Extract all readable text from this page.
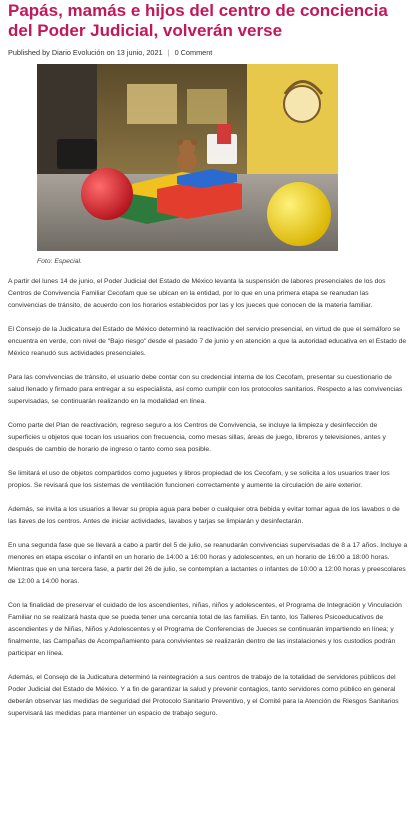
Papás, mamás e hijos del centro de conciencia del Poder Judicial, volverán verse
Published by Diario Evolución on 13 junio, 2021 | 0 Comment
Foto: Especial.

A partir del lunes 14 de junio, el Poder Judicial del Estado de México levanta la suspensión de labores presenciales de los dos Centros de Convivencia Familiar Cecofam que se ubican en la entidad, por lo que en una primera etapa se reanudan las convivencias de tránsito, de acuerdo con los horarios establecidos por las y los jueces que conocen de la materia familiar.

El Consejo de la Judicatura del Estado de México determinó la reactivación del servicio presencial, en virtud de que el semáforo se encuentra en verde, con nivel de “Bajo riesgo” desde el pasado 7 de junio y en atención a que la autoridad educativa en el Estado de México reanudó sus actividades presenciales.

Para las convivencias de tránsito, el usuario debe contar con su credencial interna de los Cecofam, presentar su cuestionario de salud llenado y firmado para entregar a su especialista, así como cumplir con los protocolos sanitarios. Respecto a las convivencias supervisadas, se continuarán realizando en la modalidad en línea.

Como parte del Plan de reactivación, regreso seguro a los Centros de Convivencia, se incluye la limpieza y desinfección de superficies u objetos que tocan los usuarios con frecuencia, como mesas sillas, áreas de juego, libreros y televisiones, antes y después de cambio de horario de ingreso o tanto como sea posible.

Se limitará el uso de objetos compartidos como juguetes y libros propiedad de los Cecofam, y se solicita a los usuarios traer los propios. Se revisará que los sistemas de ventilación funcionen correctamente y aumente la circulación de aire exterior.

Además, se invita a los usuarios a llevar su propia agua para beber o cualquier otra bebida y evitar tomar agua de los lavabos o de las llaves de los centros. Antes de iniciar actividades, lavabos y tarjas se limpiarán y desinfectarán.

En una segunda fase que se llevará a cabo a partir del 5 de julio, se reanudarán convivencias supervisadas de 8 a 17 años. Incluye a menores en etapa escolar o infantil en un horario de 14:00 a 16:00 horas y adolescentes, en un horario de 16:00 a 18:00 horas. Mientras que en una tercera fase, a partir del 26 de julio, se contemplan a lactantes o infantes de 10:00 a 12:00 horas y preescolares de 12:00 a 14:00 horas.

Con la finalidad de preservar el cuidado de los ascendientes, niñas, niños y adolescentes, el Programa de Integración y Vinculación Familiar no se realizará hasta que se pueda tener una cercanía total de las familias. En tanto, los Talleres Psicoeducativos de ascendientes y de Niñas, Niños y Adolescentes y el Programa de Conferencias de Jueces se continuarán impartiendo en línea; y finalmente, las Campañas de Acompañamiento para convivientes se realizarán dentro de las instalaciones y los custodios podrán participar en línea.

Además, el Consejo de la Judicatura determinó la reintegración a sus centros de trabajo de la totalidad de servidores públicos del Poder Judicial del Estado de México. Y a fin de garantizar la salud y prevenir contagios, tanto servidores como público en general deberán observar las medidas de seguridad del Protocolo Sanitario Preventivo, y el Comité para la Atención de Riesgos Sanitarios supervisará las medidas para mantener un espacio de trabajo seguro.
